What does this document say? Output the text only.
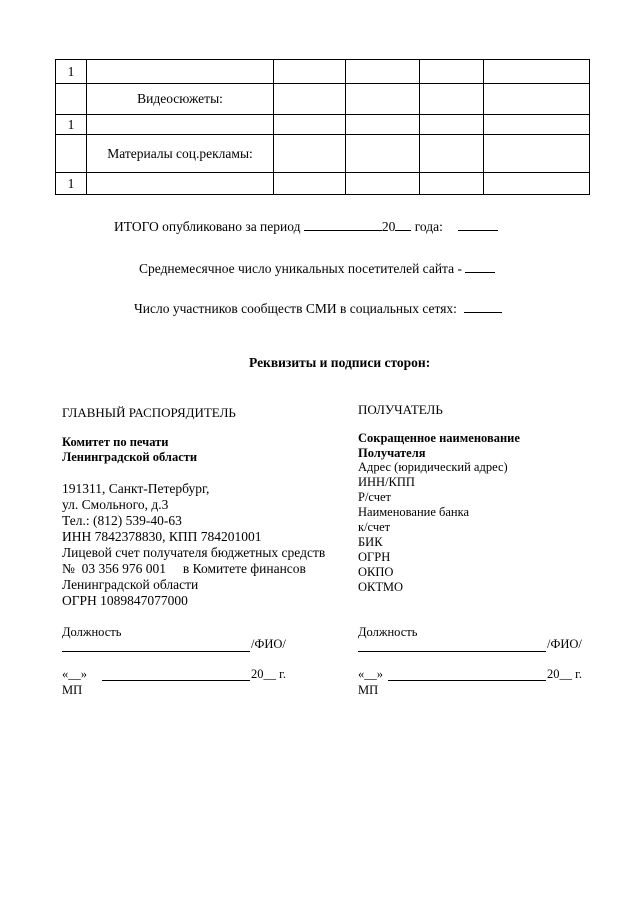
1					
	Видеосюжеты:				
1					
	Материалы соц.рекламы:				
1					
ИТОГО опубликовано за период	20 года:
Среднемесячное число уникальных посетителей сайта -
Число участников сообществ СМИ в социальных сетях:
Реквизиты и подписи сторон:
ГЛАВНЫЙ РАСПОРЯДИТЕЛЬ
Комитет по печати
Ленинградской области
191311, Санкт-Петербург,
ул. Смольного, д.3
Тел.: (812) 539-40-63
ИНН 7842378830, КПП 784201001
Лицевой счет получателя бюджетных средств
№  03 356 976 001     в Комитете финансов
Ленинградской области
ОГРН 1089847077000
Должность
/ФИО/
«__»	20__ г.
МП
ПОЛУЧАТЕЛЬ
Сокращенное наименование
Получателя
Адрес (юридический адрес)
ИНН/КПП
Р/счет
Наименование банка
к/счет
БИК
ОГРН
ОКПО
ОКТМО
Должность
/ФИО/
«__»	20__ г.
МП
